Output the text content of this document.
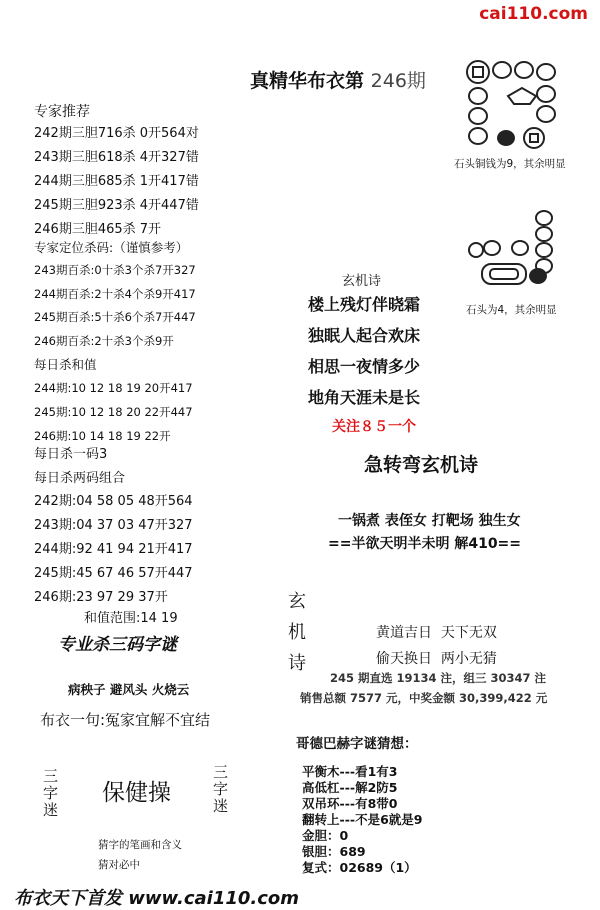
cai110.com
真精华布衣第 246期
专家推荐
242期三胆716杀 0开564对
243期三胆618杀 4开327错
244期三胆685杀 1开417错
245期三胆923杀 4开447错
246期三胆465杀 7开
专家定位杀码:（谨慎参考）
243期百杀:0十杀3个杀7开327
244期百杀:2十杀4个杀9开417
245期百杀:5十杀6个杀7开447
246期百杀:2十杀3个杀9开
每日杀和值
244期:10 12 18 19 20开417
245期:10 12 18 20 22开447
246期:10 14 18 19 22开
每日杀一码3
每日杀两码组合
242期:04 58 05 48开564
243期:04 37 03 47开327
244期:92 41 94 21开417
245期:45 67 46 57开447
246期:23 97 29 37开
和值范围:14 19
专业杀三码字谜
病秧子 避风头 火烧云
布衣一句:冤家宜解不宜结
三字迷 保健操	三字迷
猜字的笔画和含义
猜对必中
布衣天下首发 www.cai110.com
石头铜钱为9，其余明显
石头为4，其余明显
玄机诗
楼上残灯伴晓霜
独眠人起合欢床
相思一夜情多少
地角天涯未是长
关注８５一个
急转弯玄机诗
一锅煮 表侄女 打靶场 独生女
==半欲天明半未明 解410==
玄
机
诗
黄道吉日  天下无双
偷天换日  两小无猜
245 期直选 19134 注，组三 30347 注
销售总额 7577 元，中奖金额 30,399,422 元
哥德巴赫字谜猜想：
平衡木---看1有3
高低杠---解2防5
双吊环---有8带0
翻转上---不是6就是9
金胆：0
银胆：689
复式：02689（1）
